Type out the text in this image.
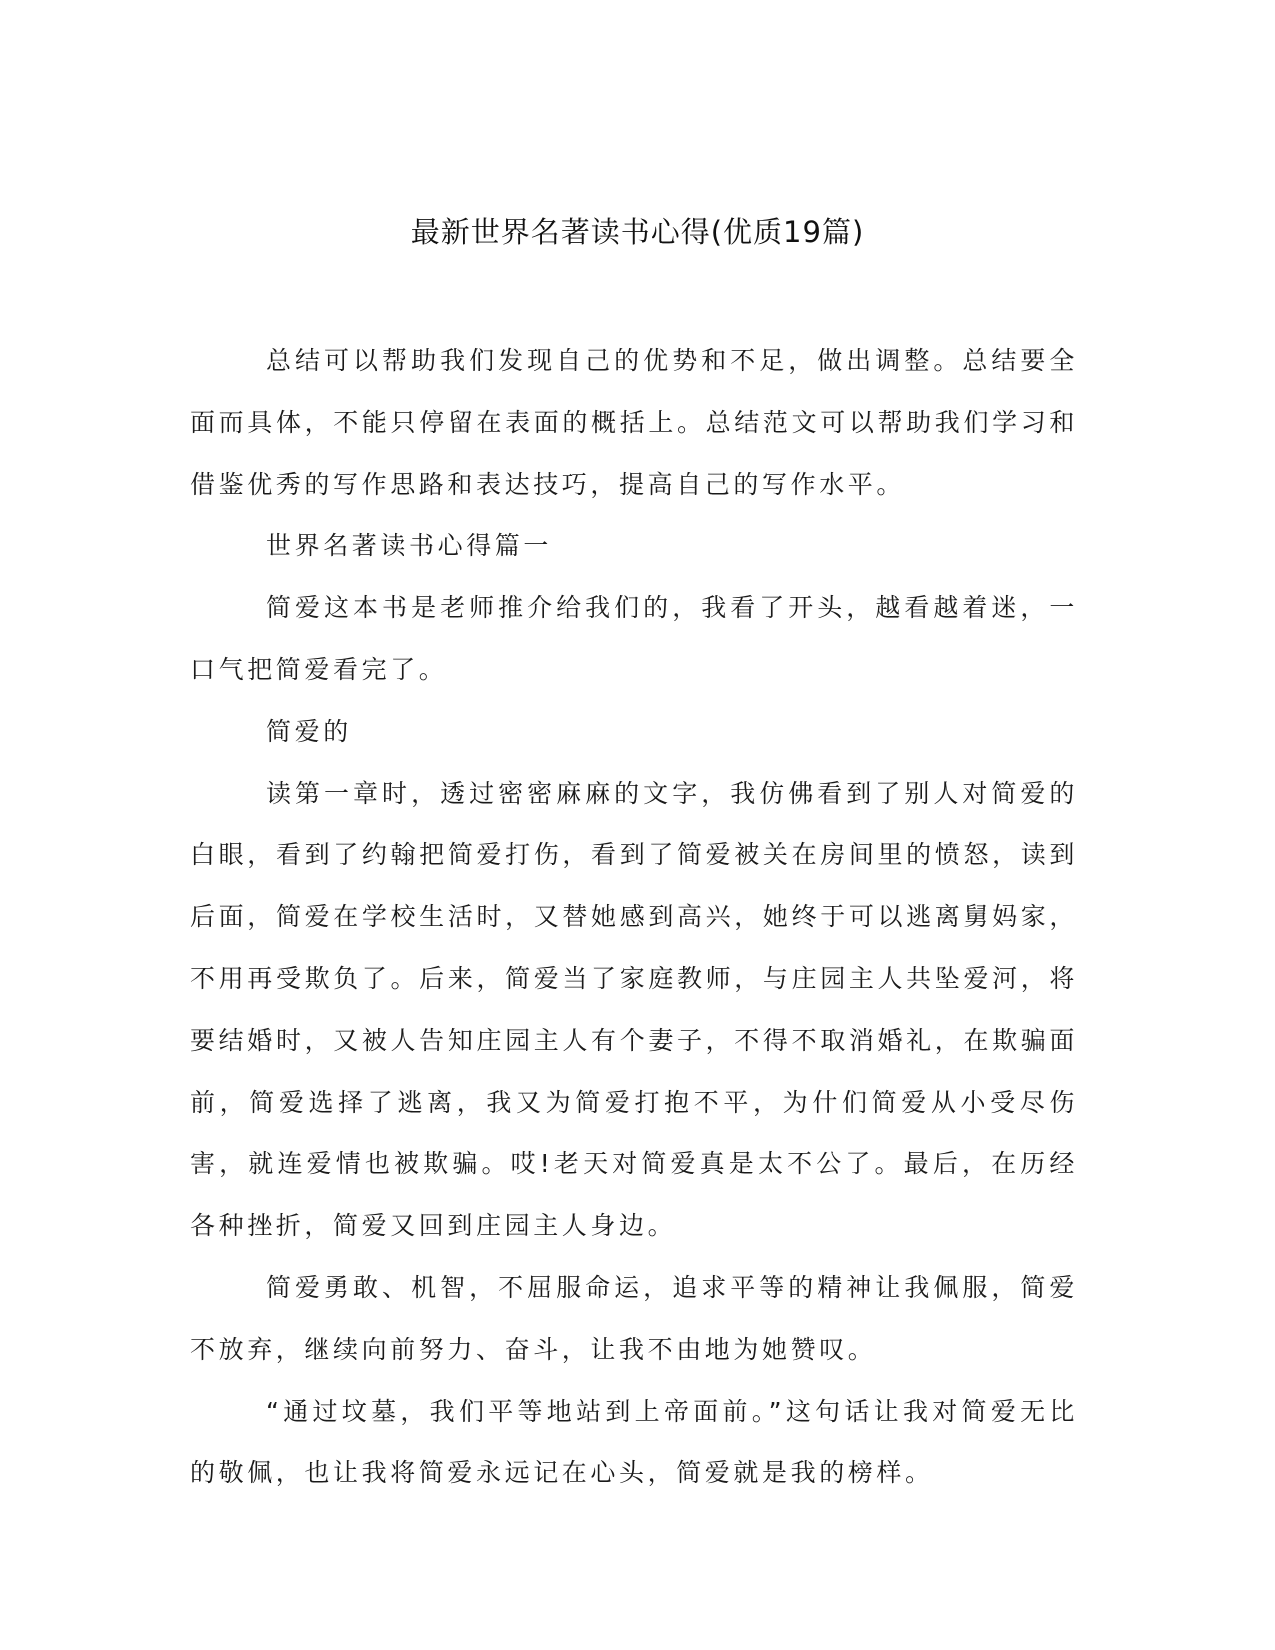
最新世界名著读书心得(优质19篇)

总结可以帮助我们发现自己的优势和不足，做出调整。总结要全面而具体，不能只停留在表面的概括上。总结范文可以帮助我们学习和借鉴优秀的写作思路和表达技巧，提高自己的写作水平。

世界名著读书心得篇一

简爱这本书是老师推介给我们的，我看了开头，越看越着迷，一口气把简爱看完了。

简爱的

读第一章时，透过密密麻麻的文字，我仿佛看到了别人对简爱的白眼，看到了约翰把简爱打伤，看到了简爱被关在房间里的愤怒，读到后面，简爱在学校生活时，又替她感到高兴，她终于可以逃离舅妈家，不用再受欺负了。后来，简爱当了家庭教师，与庄园主人共坠爱河，将要结婚时，又被人告知庄园主人有个妻子，不得不取消婚礼，在欺骗面前，简爱选择了逃离，我又为简爱打抱不平，为什们简爱从小受尽伤害，就连爱情也被欺骗。哎!老天对简爱真是太不公了。最后，在历经各种挫折，简爱又回到庄园主人身边。

简爱勇敢、机智，不屈服命运，追求平等的精神让我佩服，简爱不放弃，继续向前努力、奋斗，让我不由地为她赞叹。

“通过坟墓，我们平等地站到上帝面前。”这句话让我对简爱无比的敬佩，也让我将简爱永远记在心头，简爱就是我的榜样。
